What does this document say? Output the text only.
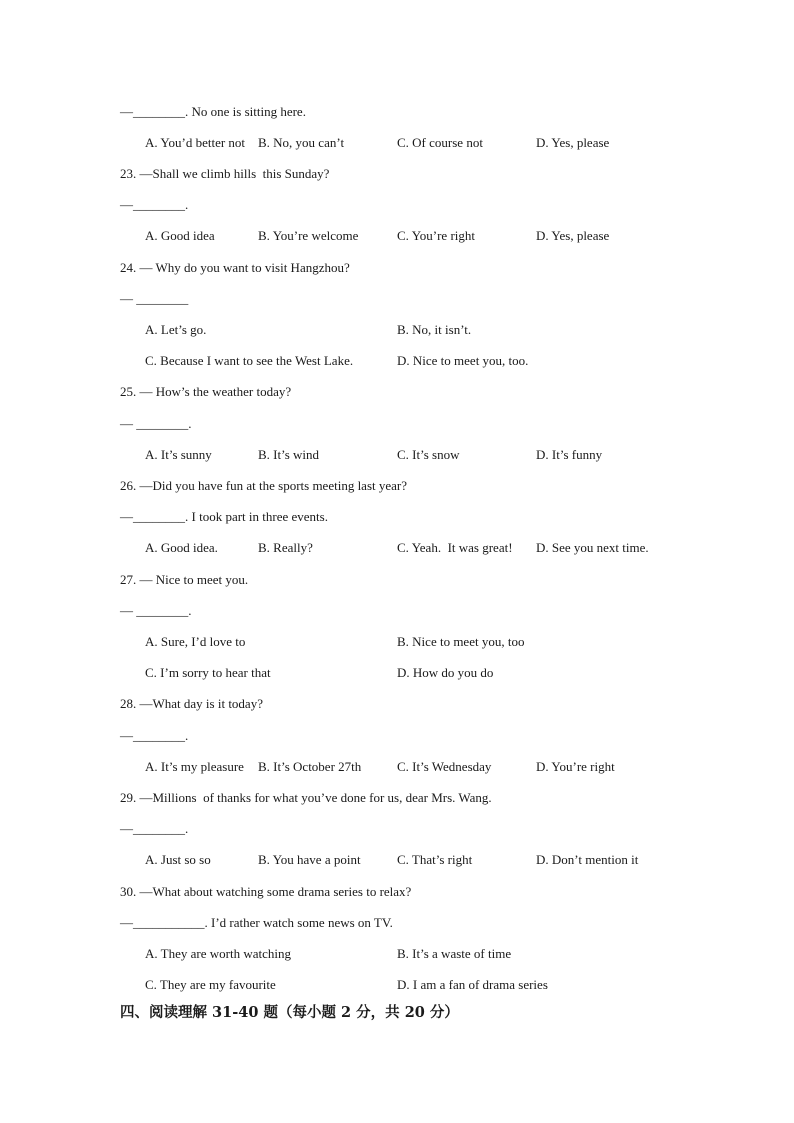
—________. No one is sitting here.
A. You’d better not B. No, you can’t	C. Of course not	D. Yes, please
23. —Shall we climb hills  this Sunday?
—________.
A. Good idea	B. You’re welcome	C. You’re right	D. Yes, please
24. — Why do you want to visit Hangzhou?
— ________
A. Let’s go.	B. No, it isn’t.
C. Because I want to see the West Lake.	D. Nice to meet you, too.
25. — How’s the weather today?
— ________.
A. It’s sunny	B. It’s wind	C. It’s snow	D. It’s funny
26. —Did you have fun at the sports meeting last year?
—________. I took part in three events.
A. Good idea.	B. Really?	C. Yeah.  It was great! D. See you next time.
27. — Nice to meet you.
— ________.
A. Sure, I’d love to	B. Nice to meet you, too
C. I’m sorry to hear that	D. How do you do
28. —What day is it today?
—________.
A. It’s my pleasure B. It’s October 27th	C. It’s Wednesday	D. You’re right
29. —Millions  of thanks for what you’ve done for us, dear Mrs. Wang.
—________.
A. Just so so	B. You have a point	C. That’s right	D. Don’t mention it
30. —What about watching some drama series to relax?
—___________. I’d rather watch some news on TV.
A. They are worth watching	B. It’s a waste of time
C. They are my favourite	D. I am a fan of drama series
四、阅读理解 31-40 题（每小题 2 分，共 20 分）
